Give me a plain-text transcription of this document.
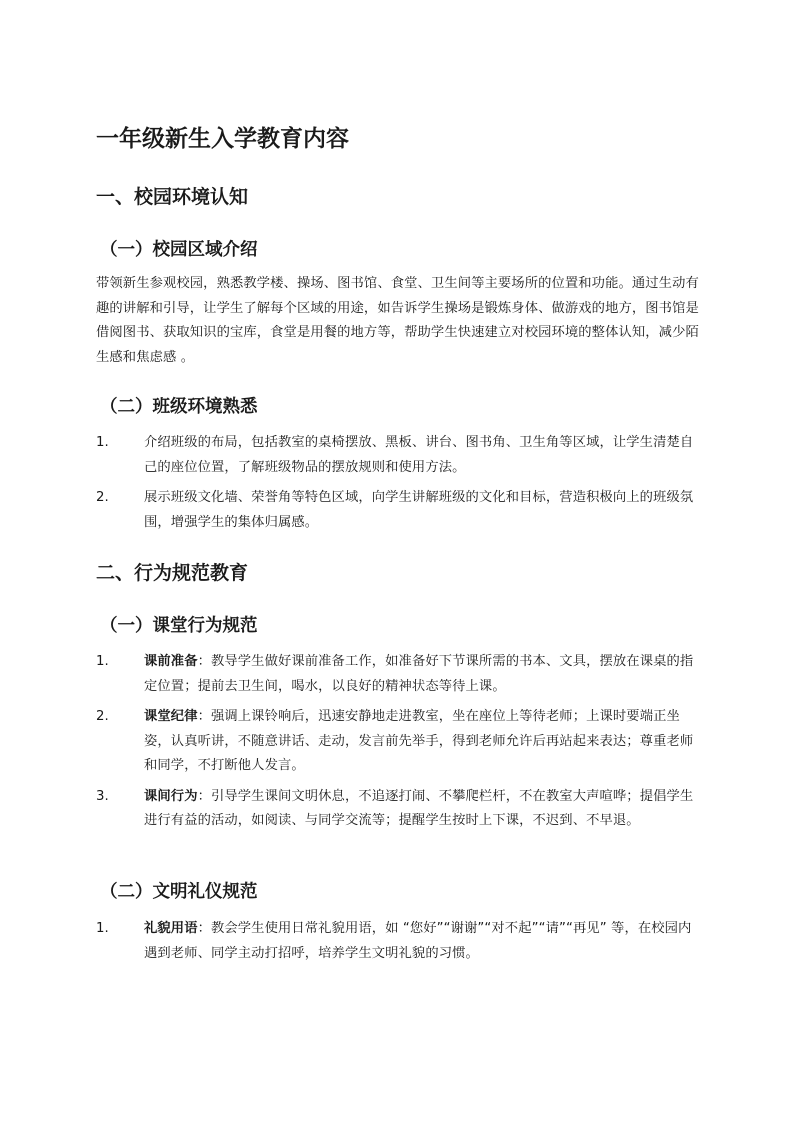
一年级新生入学教育内容
一、校园环境认知
（一）校园区域介绍

带领新生参观校园，熟悉教学楼、操场、图书馆、食堂、卫生间等主要场所的位置和功能。通过生动有趣的讲解和引导，让学生了解每个区域的用途，如告诉学生操场是锻炼身体、做游戏的地方，图书馆是借阅图书、获取知识的宝库，食堂是用餐的地方等，帮助学生快速建立对校园环境的整体认知，减少陌生感和焦虑感 。

（二）班级环境熟悉
1.	介绍班级的布局，包括教室的桌椅摆放、黑板、讲台、图书角、卫生角等区域，让学生清楚自己的座位位置，了解班级物品的摆放规则和使用方法。
2.	展示班级文化墙、荣誉角等特色区域，向学生讲解班级的文化和目标，营造积极向上的班级氛围，增强学生的集体归属感。
二、行为规范教育
（一）课堂行为规范
1.	课前准备：教导学生做好课前准备工作，如准备好下节课所需的书本、文具，摆放在课桌的指定位置；提前去卫生间，喝水，以良好的精神状态等待上课。
2.	课堂纪律：强调上课铃响后，迅速安静地走进教室，坐在座位上等待老师；上课时要端正坐姿，认真听讲，不随意讲话、走动，发言前先举手，得到老师允许后再站起来表达；尊重老师和同学，不打断他人发言。
3.	课间行为：引导学生课间文明休息，不追逐打闹、不攀爬栏杆，不在教室大声喧哗；提倡学生进行有益的活动，如阅读、与同学交流等；提醒学生按时上下课，不迟到、不早退。
（二）文明礼仪规范
1.	礼貌用语：教会学生使用日常礼貌用语，如 “您好”“谢谢”“对不起”“请”“再见” 等，在校园内遇到老师、同学主动打招呼，培养学生文明礼貌的习惯。
